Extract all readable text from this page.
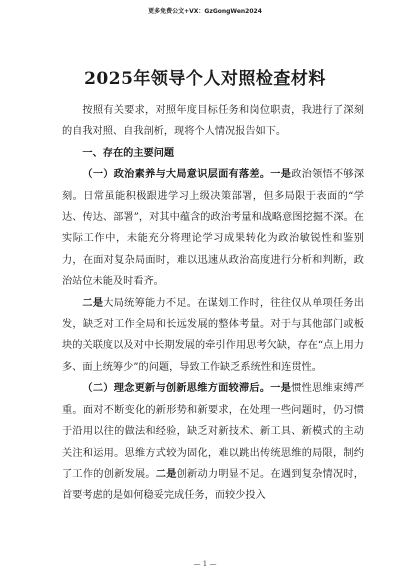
更多免费公文+VX：GzGongWen2024
2025年领导个人对照检查材料

按照有关要求，对照年度目标任务和岗位职责，我进行了深刻的自我对照、自我剖析，现将个人情况报告如下。

一、存在的主要问题

（一）政治素养与大局意识层面有落差。一是政治领悟不够深刻。日常虽能积极跟进学习上级决策部署，但多局限于表面的“学达、传达、部署”，对其中蕴含的政治考量和战略意图挖掘不深。在实际工作中，未能充分将理论学习成果转化为政治敏锐性和鉴别力，在面对复杂局面时，难以迅速从政治高度进行分析和判断，政治站位未能及时看齐。

二是大局统筹能力不足。在谋划工作时，往往仅从单项任务出发，缺乏对工作全局和长远发展的整体考量。对于与其他部门或板块的关联度以及对中长期发展的牵引作用思考欠缺，存在“点上用力多、面上统筹少”的问题，导致工作缺乏系统性和连贯性。

（二）理念更新与创新思维方面较滞后。一是惯性思维束缚严重。面对不断变化的新形势和新要求，在处理一些问题时，仍习惯于沿用以往的做法和经验，缺乏对新技术、新工具、新模式的主动关注和运用。思维方式较为固化，难以跳出传统思维的局限，制约了工作的创新发展。二是创新动力明显不足。在遇到复杂情况时，首要考虑的是如何稳妥完成任务，而较少投入

— 1 —
